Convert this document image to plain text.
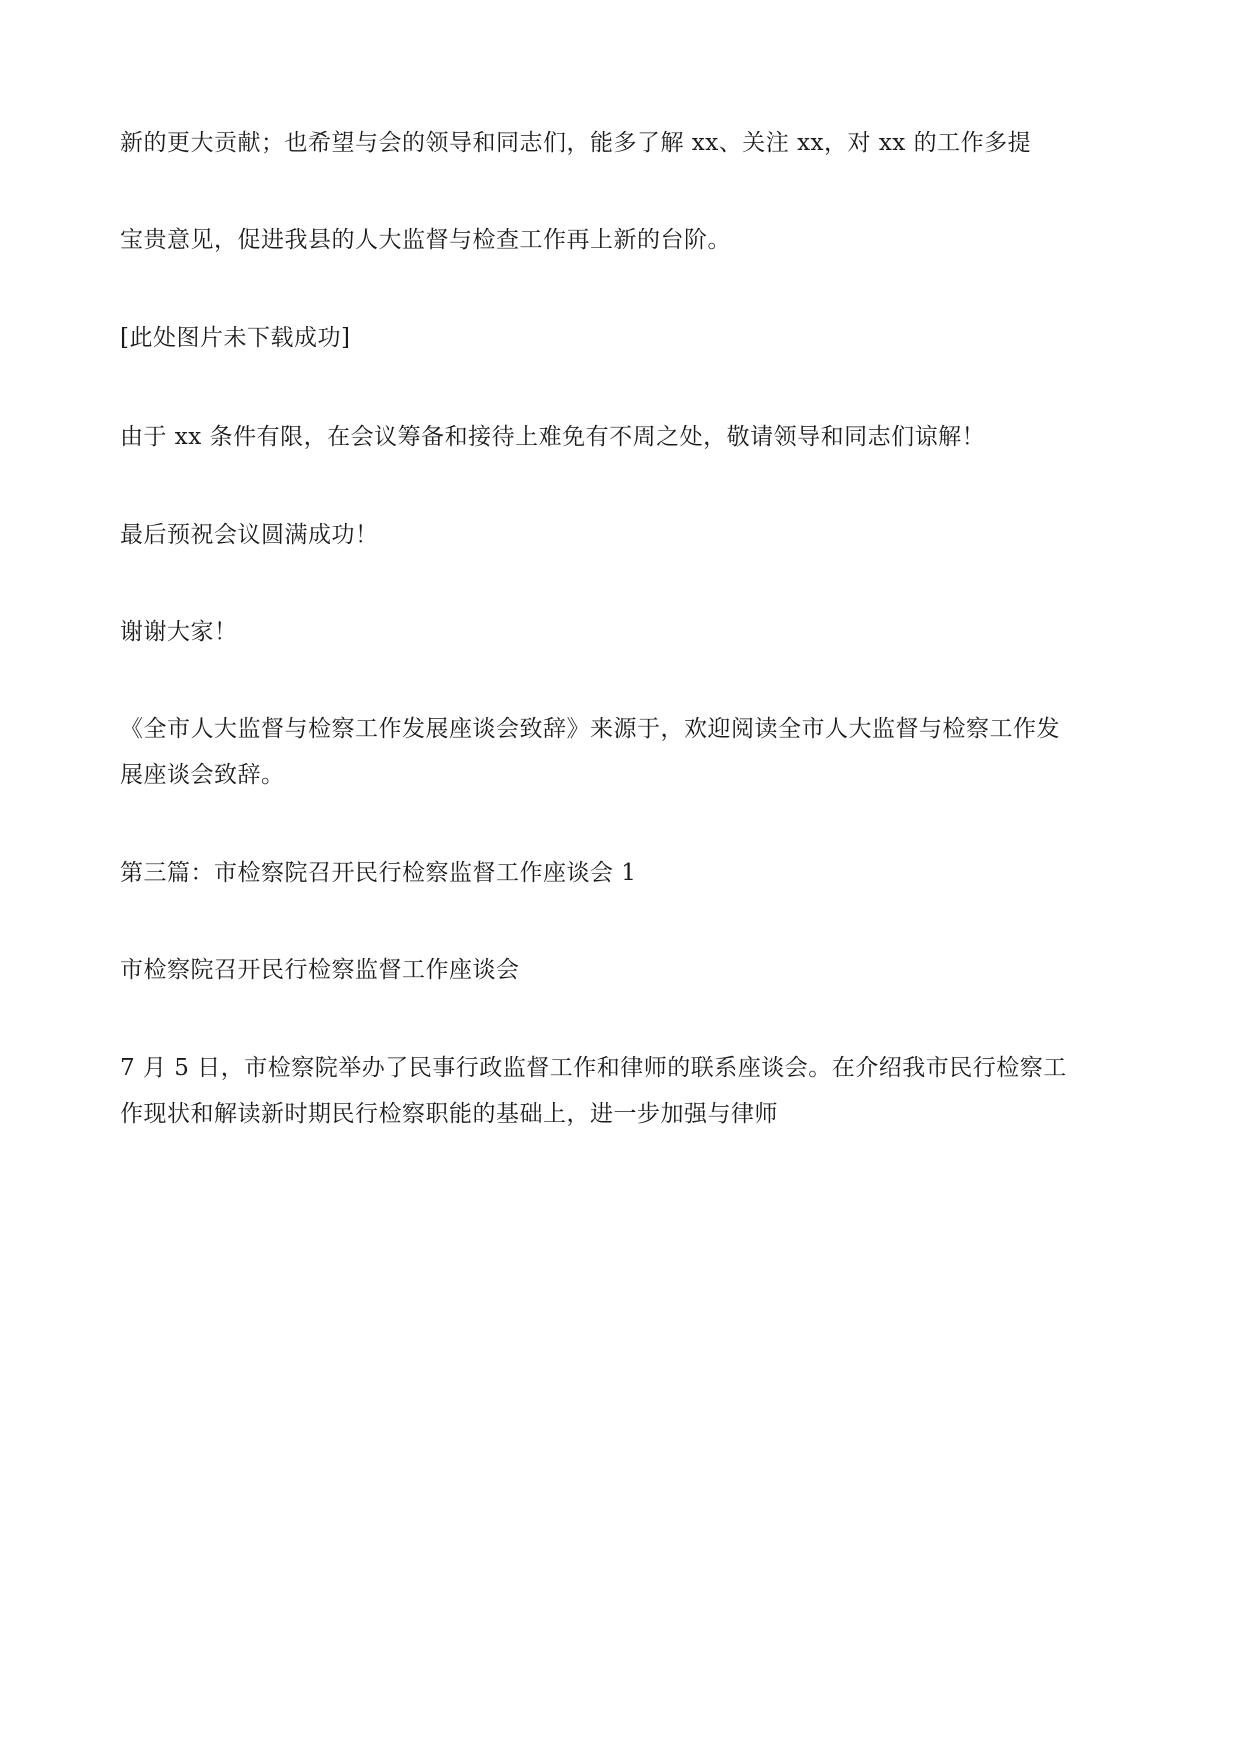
新的更大贡献；也希望与会的领导和同志们，能多了解 xx、关注 xx，对 xx 的工作多提
宝贵意见，促进我县的人大监督与检查工作再上新的台阶。
[此处图片未下载成功]
由于 xx 条件有限，在会议筹备和接待上难免有不周之处，敬请领导和同志们谅解！
最后预祝会议圆满成功！
谢谢大家！
《全市人大监督与检察工作发展座谈会致辞》来源于，欢迎阅读全市人大监督与检察工作发
展座谈会致辞。
第三篇：市检察院召开民行检察监督工作座谈会 1
市检察院召开民行检察监督工作座谈会
7 月 5 日，市检察院举办了民事行政监督工作和律师的联系座谈会。在介绍我市民行检察工
作现状和解读新时期民行检察职能的基础上，进一步加强与律师
